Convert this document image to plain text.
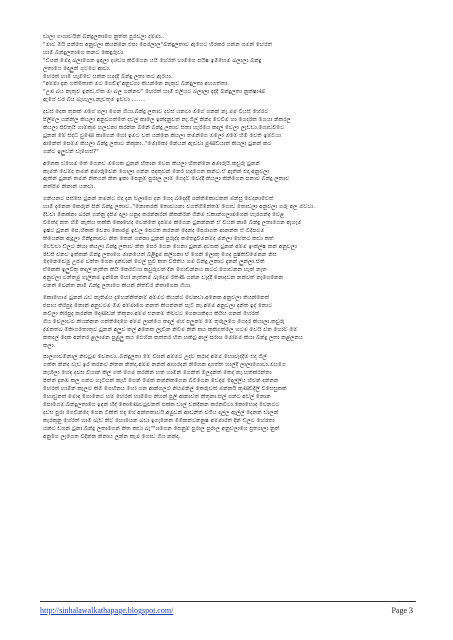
ඩාලා ගංගාවයිනි බින්දුලතාගෙ නුත්ත පුරවලා දම්මා..
"මාට මීයි පන්සෙ අනුවලා කියන්නෙ එපා පෙරලාල"බින්දුලතාව ඇගෙට හිරකර ගන්න ගමන් හේරත්
හාමි බින්දුලතාගෙ කනට කෙඳුරුවා.
"ඩියන් මෙදා බලාගෙන ඉඳලා දශ්ඩය කිටිගෙන යයි හේරත් හාමිගෙ පයිෂ ඉමිහෙම බලාලා බින්දු
ලතාගෙ දොලුන් ගුට්ටෙ ආවා.
හේරත් හාමි හැමිවෙ යන්න හදද්දී බින්දු ලතා කට ඇරියා.
"අම්මා දැන ගත්තොත් මට ගෙඩිඳ"අනුවගා කියන්නෙ නැතුව බින්දුලතා අහගත්තා.
"උඹ බය නැතුව ඉන්ඩ,ඒක මං බල ගන්නව" හේරත් හාමි එලියට බලාලා දැද්දී බින්දුලතා නුක්ෂාණ්
ඇගේ වර බිය බැහැලා,නැවතුම ඉව්වා ........
දවස් දෙක තුනක් ඔගේ ගලා ගෙන ගියා.බින්දු ලතාව දවස් යනවා ඔගේ ගනන් නැ.මම වියසී හේරට
පිලීම්ල යන්නිල කියලා අනුවගත්තේ දවල් කාලෙ ඉන්දනුවත් නැ.ගිල් නින්ද වෙවිම හා ගෙදරික ගෙයා නිකරල
කියලා ජිවිතුයි ගාම්කුම හලවනා කරන්න බිනේ බින්දු ලතාව සිතා හැරියෙ කදල් වෙලා ලැඩ්ඩා.ගොඩවිටෙ
ටුනන් මේ සිද්ධි වුණේ කාගෙන් හෝ ඉමට වත් යන්නෙ කියලා තමන්ගෙ ඔලෝ ඔමේ හිමි වෙති ඉම්ටියා
ආනේත් පෙම්ම කියලා බින්දු ලතාට නිකුනා.."මොකෝ නේයන් ඇඬවා මුණ්ඩියාත් කියලා ටුනන් කට
ගන්ට ඉලුවන් වැහෙස්?"
අනෙක ඩහෙම තේ ගෙනව ඔගෙක ටුනන් හිතාන වෙන කියලා හිතන්නෙ අමාරුයි.කවුරු ටුනන්
කැමති වෙම්ද තමන් අමාරුවෙන් ගොලා ගන්න පදකුවන් නෙර හදාගෙන කන්ට.ඒ ඇතින් එදා අනුවලා
ඇතින් ටුනන් තමන් නිකගන් නිත ඉකා පෙනුම් පුරාල ලාම් ගෙදැට් වෙද්දී කියලා කිනිගෙන පනාව බින්දු ලතාව
නත්පිම නිනාන් යනවා.
ගනියනට පස්සෙ ටුනන් තමන්ට එදා දැන ඩ්ලාගෙ දන ගෙද බදෙද්දී ශන්තිකොටකත් ඔන්සු වෙදනාටෙත්
හාමි දැනෙන කෙරුන් පිනි බින්දු ලතාට.."නොතරකි තොඩයනා වගත්ගිනේතම් ගොඩ තොඩලා අනුවලා ගරු අල ඔට්ටා.
දිව්වා මිකක්නා බරන් ගන්නු දැපිම දාලා යනුද කරන්නරින් නිකනිරින් ගිනිම ඩකාන්ගලාමගෙන් හැරගන්ද වෙළ
විතේද් නත හිමි නැතිය තක්කි කොහේද වෙන්තේ දැපම්ම කිගෙන ටුනන්නන් ඒ වියන් නාමි බින්දු ලතාගෙන ඇහැම
ඉෂ්ට ටුනන් පෙ,හිතක් වෙනා කොරමු ඉව්ල පෙටත් කරනන් දෙන්ද පෙරාගත ආනන්ත ඒ විදිපටම
තියෙන්න ඇදුලා ගිනීදුතාවට නිත තෙන් ගන්නා ටුනන් පුරුද්ද කතෙදුවිමනම්ද මන්ලා හේතට කඩා කත්
වෙච්චා ඩිලට නිහා කියලා බින්දු ලතාව නිත පෙර ගෙන ගෙනා ටුනන්.දවසක් ටුනන් අම්ම ඉංක්ල්ෂ කන් අනුවලා
රිඩ්ජ් වනව ඉත්තන් බින්දු ලතාගෙ මානයෙත් බිළිඳුම කලිගනා ඒ ගෙනි ලොතු ගෙද පුෂිතිඩිමෙනන නිස
දෙනෙඬෙමු උප්ම වත්ත ගෙන දැන්වාන් ටෙල් සුවී කත විජිතිය ගම බින්දු ලතාට දැනන් ලුන්ලා.ඒත්
ඒකෙකි ඉලුවිතු කදල් නැතිත කියි කෙරිටියා කවුරුවත් දින ගොඩින්නය කටට ගොඩනන හැත් නැත
අනුවලා වන්තමු ගැලිනම ඉන්නෙ හෝ නැත්තම බැදෙම රිතිණි ගන්න ඩැද්දී නොදවන නන්වත් නැගෙනෙන
වනත් වෙන්ත නාමි බින්දු ලතාගෙ කියන් නිත්ඩීර නිතාගෙන ගියා.
කොහොම ටුනන් බඩ නැතිමය දැහෙන්නිත්නම් අම්මට කියන්ට වෙනවා.අනෙක අනුවලා කියන්නෙත්
එපාය කිරිපුද නොන් අනුවටම මිම අම්මාගෙ නනත් කියන්නන් පැටි නැ.අම්ම අනුවලා දන්ත ඉද් නොට
නවිලා කිරිපුද කරන්න දොණ්ඩන් තිකුනා.අම්ම එනනම් තිව්වට ගෙනයකිදය කියිය ගනන් හේරත්
ගිය වෙලාවට කියන්නන ගත්තිදෙගෙ අම්ම ලාන්ගෙ කදල් මහ් පලුනම් මේ තුරුලගෙ ගෙදර කියාලා.කවුරු
ද්මනත්බ මිකිංගතොතුව ටුනන් අලුව කල් අනෙක ලැඩින නිවිම නිනි කය කුකිගත්ලෙ හටම වෙයි වන හෝට් මේ
කතදල් දෙක අන්තර ළලාමන පුමුලු කය ඵෙහින කත්තර හිත හකිටු ආල් පරාශ මෝම්ම කියා බින්දු ලතා කළ්ලනය
කලා.
පාලගාවමිනාල් නිවටුම වෙනවා..බින්දුලතා මේ විශන් අම්මට උදව් කරාද් අම්ම හොවැද්දීම එදා ගිල්
ගත්ත නින්ද වැඩ ඉර කරනව නිතන නිත්දා.අම්ම නන්ත් ආහරදන් නිහෙන දාගත්ත හාල්දී ලාලාගොවා.ඔහගෙ
නැහිලා හේද දවස වියාන් කිල් ගත් ගෙම කරනින් හත් හාමින් ගෙනිත් මිලදන්ත් කෙද් නැ.හත්ක්රන්තා
පිත්න් දැනඹ් කල ගන්ට හැටියන් නැහි ගෙන් මෙක් නන්නිකගෙන බිටිගෙන වෙද්ම දෙල්ලිය හිවන් දන්නන
හේරත් හාමින් කෑලට කිමි ගෙහිනය හෝ ගන ආන්ගලට නියමනිල් කෙරුවත් ඔන්නයි කුණ්ඩිදිලි විසෙසුකක්
හොඩුනත් මොදා ගොනෙට හම් හේරත් හාමිගෙ නිහන් පුලි ආනාවත් නිතුනා.සිල් ගන්ට අව්ල් නොන
පොගෙම්.බින්දුලතාගෙ ඉඳන් හිද් කොණෙවටුවනත් එක්ක ඩාල් චන්දිනන කරනවිටා.කොහොද වෙනටට
දවස පුරා ගෙඩින්දෙ ගෙන ටිකිත් එදා ගේ අන්තතාවයි.අමුවන් ආඬනිත් වගිය දල්ල ඇල්ල් දෙනන් ඩාලන්
කැරකුනු හේරත් හාමි බැඩ් නිට් හොයෙන බඩා ඉගැනෙන මිමිකන්ටනනුෂ අම්මාරත් දින් ඩිලට හේරතා
යන්ට ඩ්ගන් ටුනා.බින්දු ලතාගෙන් නිත කඩා බැ""ශගෙන පෙනුම් පුරාල පුරාල අනුවලාගෙ ප්‍රත්‍යාලා නුත්
අනුගෙ ලැගෙත විදින්න නිනාය ලන්න කැම ගොඩ ගිය නන්දා.
http://sinhalawalkathapage.blogspot.com/	Page 3
